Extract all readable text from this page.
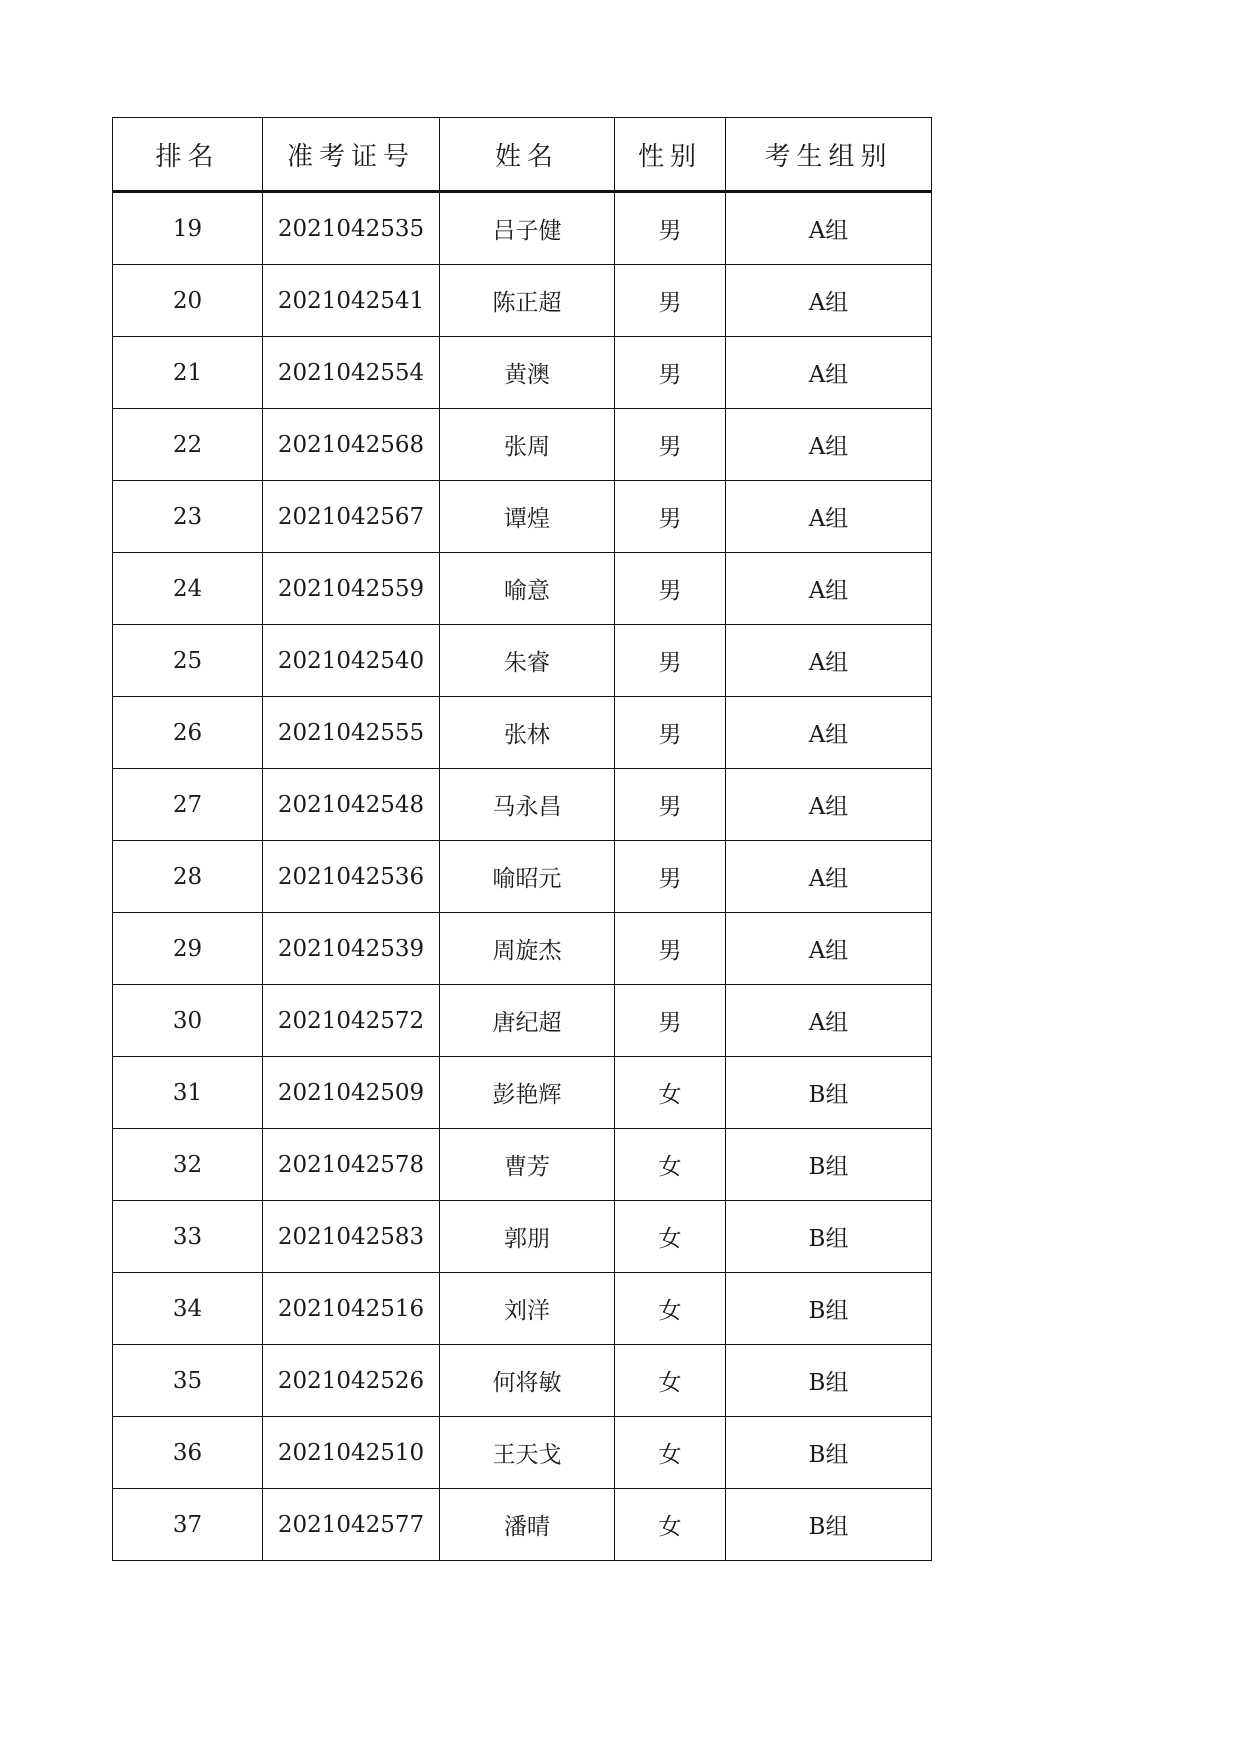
排名	准考证号	姓名	性别	考生组别
19	2021042535	吕子健	男	A组
20	2021042541	陈正超	男	A组
21	2021042554	黄澳	男	A组
22	2021042568	张周	男	A组
23	2021042567	谭煌	男	A组
24	2021042559	喻意	男	A组
25	2021042540	朱睿	男	A组
26	2021042555	张林	男	A组
27	2021042548	马永昌	男	A组
28	2021042536	喻昭元	男	A组
29	2021042539	周旋杰	男	A组
30	2021042572	唐纪超	男	A组
31	2021042509	彭艳辉	女	B组
32	2021042578	曹芳	女	B组
33	2021042583	郭朋	女	B组
34	2021042516	刘洋	女	B组
35	2021042526	何将敏	女	B组
36	2021042510	王天戈	女	B组
37	2021042577	潘晴	女	B组
